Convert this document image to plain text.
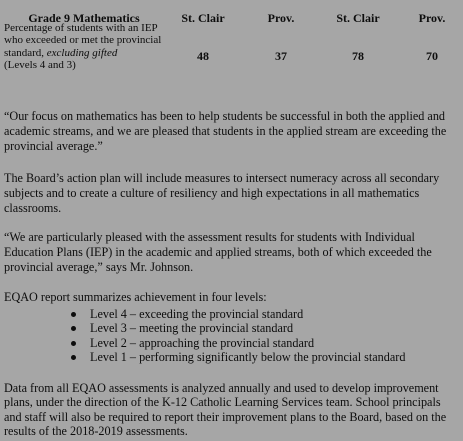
Grade 9 Mathematics	St. Clair	Prov.	St. Clair	Prov.
Percentage of students with an IEP who exceeded or met the provincial standard, excluding gifted
(Levels 4 and 3)
48	37	78	70

“Our focus on mathematics has been to help students be successful in both the applied and academic streams, and we are pleased that students in the applied stream are exceeding the provincial average.”

The Board’s action plan will include measures to intersect numeracy across all secondary subjects and to create a culture of resiliency and high expectations in all mathematics classrooms.

“We are particularly pleased with the assessment results for students with Individual Education Plans (IEP) in the academic and applied streams, both of which exceeded the provincial average,” says Mr. Johnson.

EQAO report summarizes achievement in four levels:

Level 4 – exceeding the provincial standard
Level 3 – meeting the provincial standard
Level 2 – approaching the provincial standard
Level 1 – performing significantly below the provincial standard

Data from all EQAO assessments is analyzed annually and used to develop improvement plans, under the direction of the K-12 Catholic Learning Services team. School principals and staff will also be required to report their improvement plans to the Board, based on the results of the 2018-2019 assessments.
